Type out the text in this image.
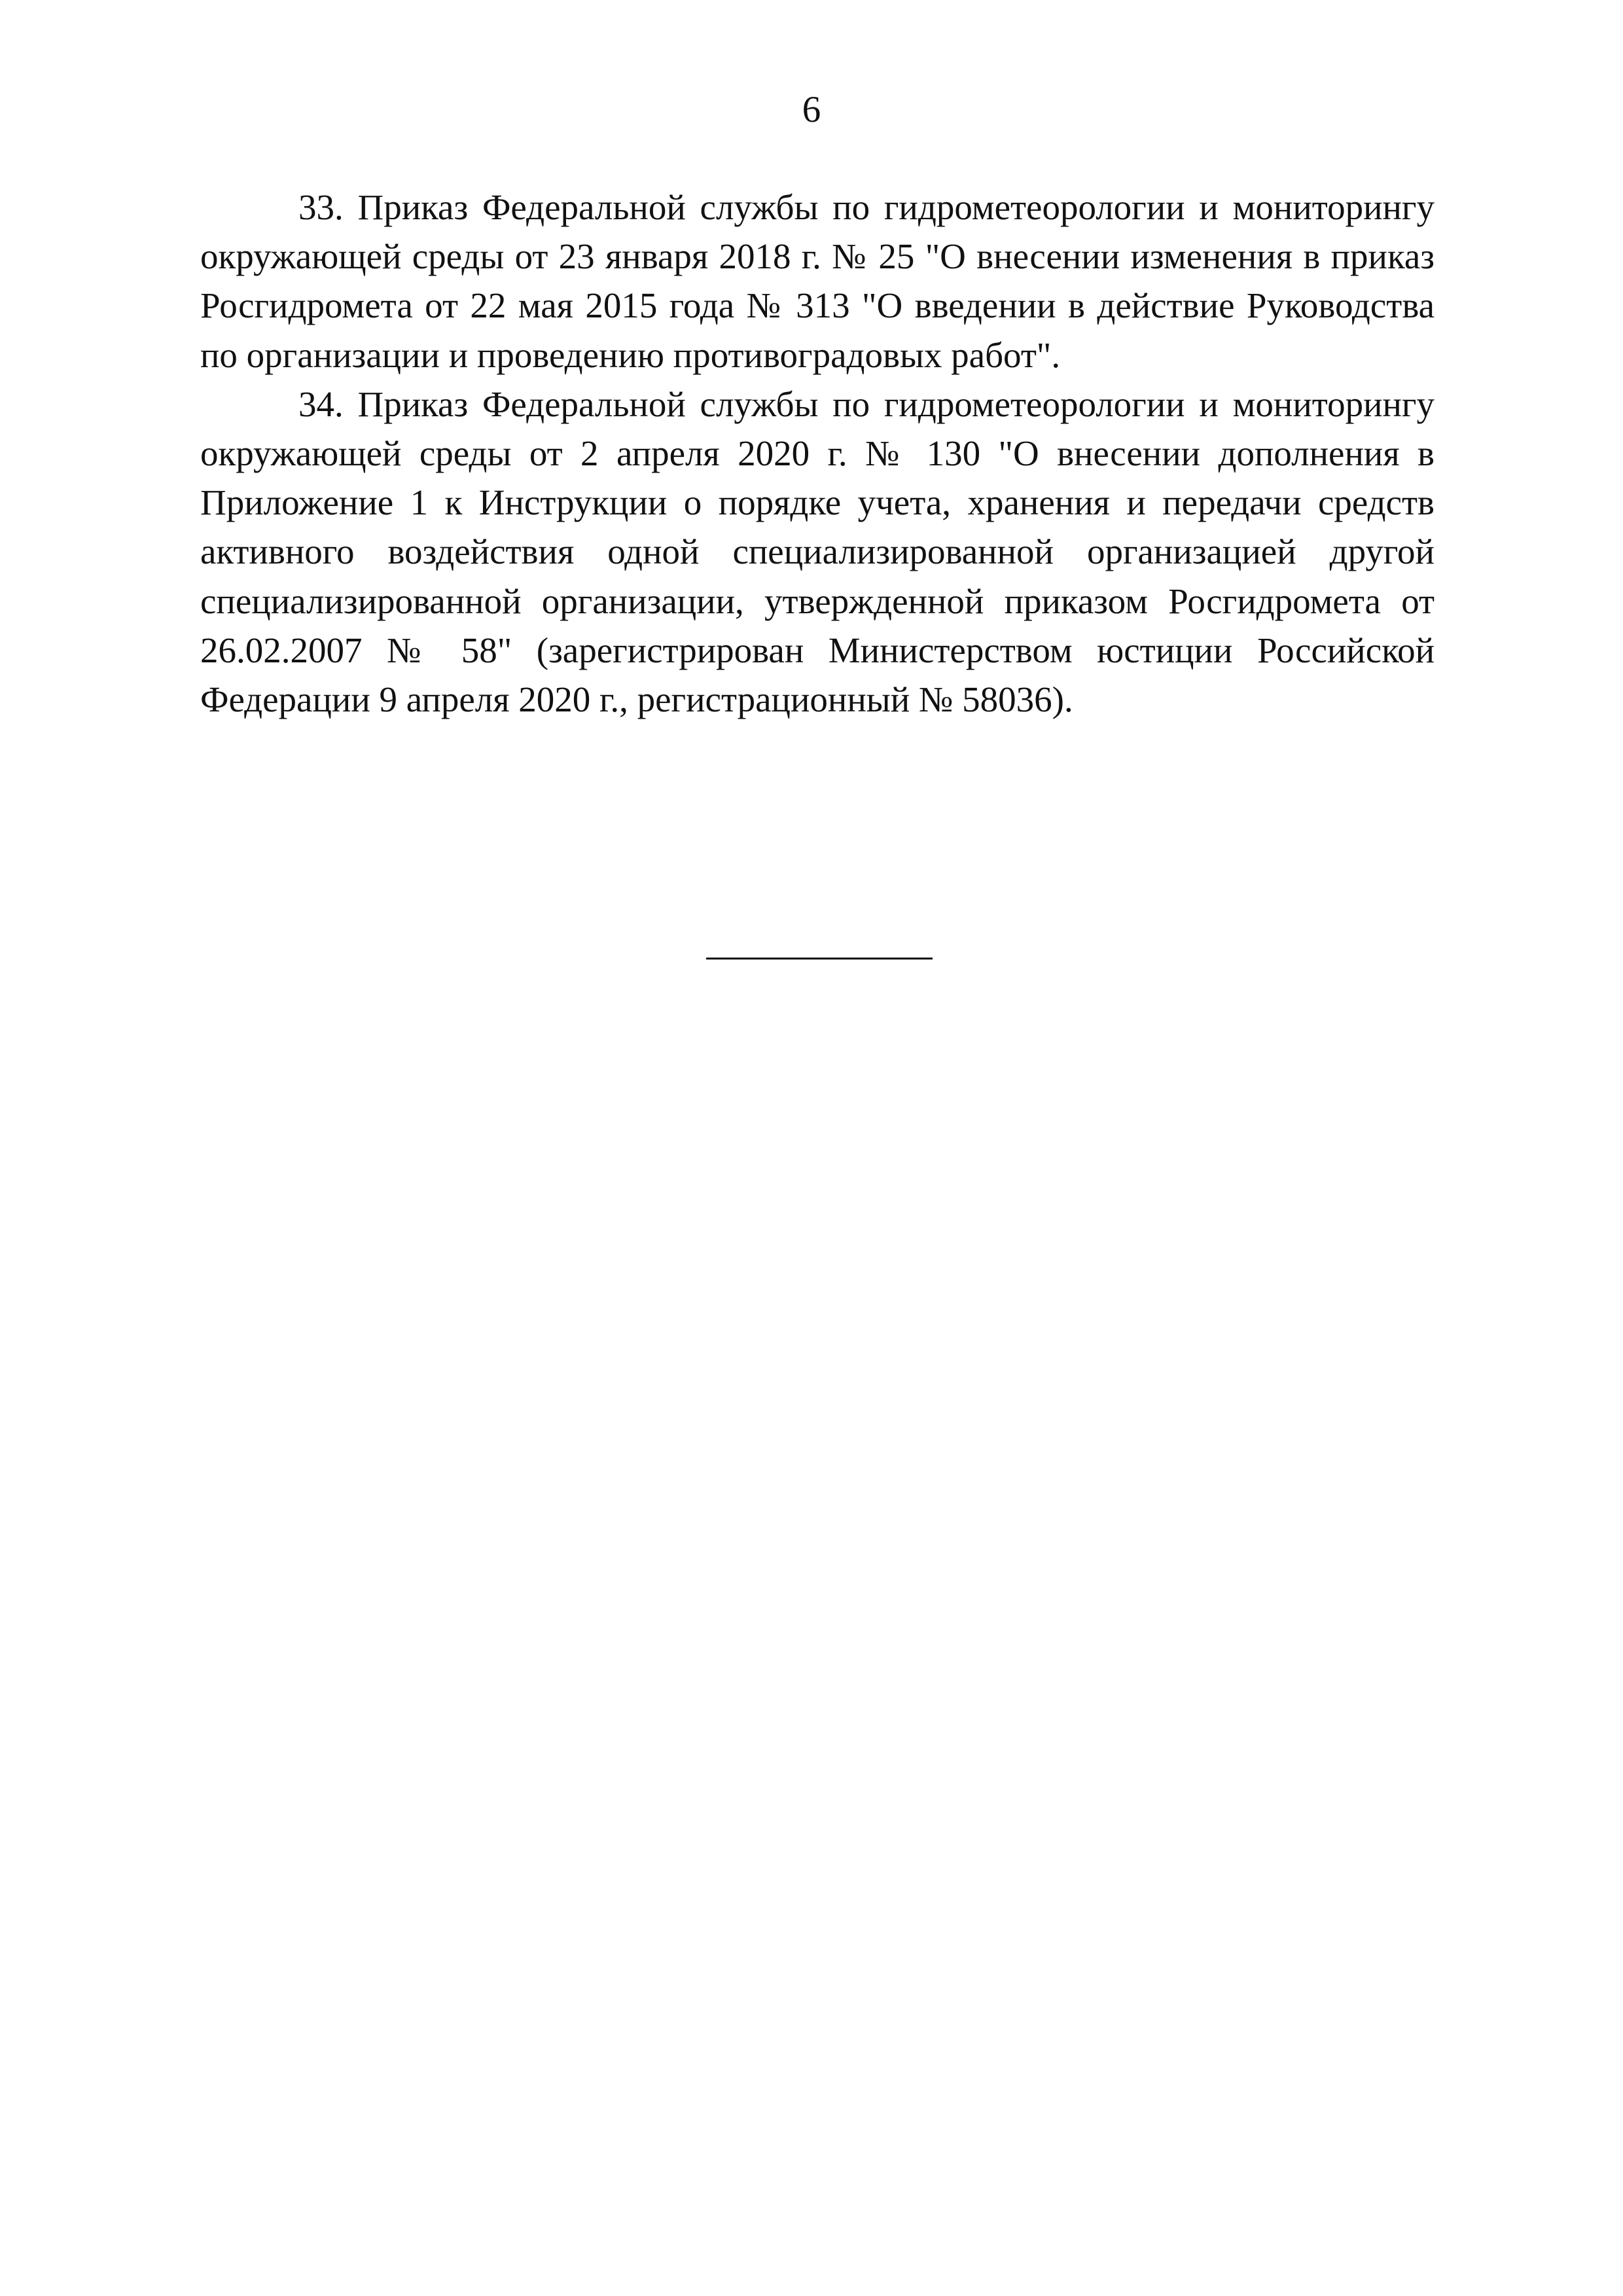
6

33. Приказ Федеральной службы по гидрометеорологии и мониторингу окружающей среды от 23 января 2018 г. № 25 "О внесении изменения в приказ Росгидромета от 22 мая 2015 года № 313 "О введении в действие Руководства по организации и проведению противоградовых работ".

34. Приказ Федеральной службы по гидрометеорологии и мониторингу окружающей среды от 2 апреля 2020 г. № 130 "О внесении дополнения в Приложение 1 к Инструкции о порядке учета, хранения и передачи средств активного воздействия одной специализированной организацией другой специализированной организации, утвержденной приказом Росгидромета от 26.02.2007 № 58" (зарегистрирован Министерством юстиции Российской Федерации 9 апреля 2020 г., регистрационный № 58036).
